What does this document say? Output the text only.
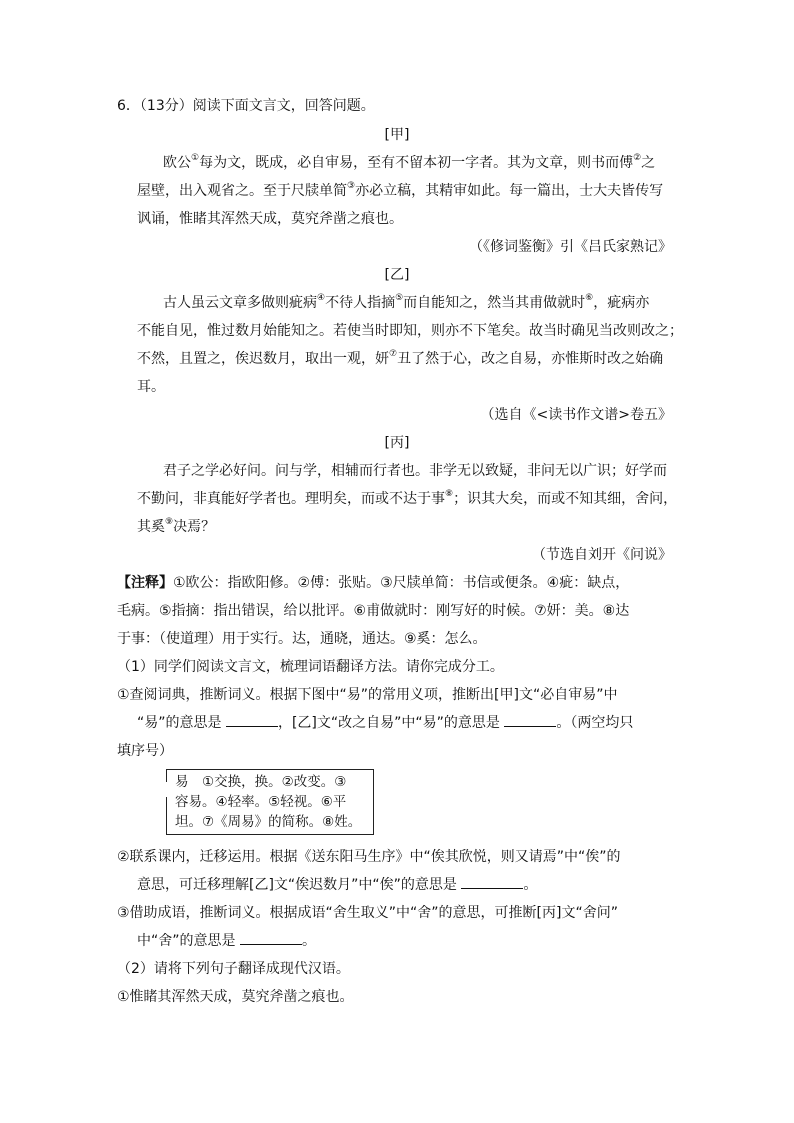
6．（13分）阅读下面文言文，回答问题。
[甲]
欧公①每为文，既成，必自审易，至有不留本初一字者。其为文章，则书而傅②之
屋壁，出入观省之。至于尺牍单简③亦必立稿，其精审如此。每一篇出，士大夫皆传写
讽诵，惟睹其浑然天成，莫究斧凿之痕也。
（《修词鉴衡》引《吕氏家熟记》
[乙]
古人虽云文章多做则疵病④不待人指摘⑤而自能知之，然当其甫做就时⑥，疵病亦
不能自见，惟过数月始能知之。若使当时即知，则亦不下笔矣。故当时确见当改则改之；
不然，且置之，俟迟数月，取出一观，妍⑦丑了然于心，改之自易，亦惟斯时改之始确
耳。
（选自《<读书作文谱>卷五》
[丙]
君子之学必好问。问与学，相辅而行者也。非学无以致疑，非问无以广识；好学而
不勤问，非真能好学者也。理明矣，而或不达于事⑧；识其大矣，而或不知其细，舍问，
其奚⑨决焉？
（节选自刘开《问说》
【注释】①欧公：指欧阳修。②傅：张贴。③尺牍单简：书信或便条。④疵：缺点，
毛病。⑤指摘：指出错误，给以批评。⑥甫做就时：刚写好的时候。⑦妍：美。⑧达
于事：（使道理）用于实行。达，通晓，通达。⑨奚：怎么。
（1）同学们阅读文言文，梳理词语翻译方法。请你完成分工。
①查阅词典，推断词义。根据下图中“易”的常用义项，推断出[甲]文“必自审易”中
“易”的意思是	，[乙]文“改之自易”中“易”的意思是	。（两空均只
填序号）
易　①交换，换。②改变。③
容易。④轻率。⑤轻视。⑥平
坦。⑦《周易》的简称。⑧姓。
②联系课内，迁移运用。根据《送东阳马生序》中“俟其欣悦，则又请焉”中“俟”的
意思，可迁移理解[乙]文“俟迟数月”中“俟”的意思是	。
③借助成语，推断词义。根据成语“舍生取义”中“舍”的意思，可推断[丙]文“舍问”
中“舍”的意思是	。
（2）请将下列句子翻译成现代汉语。
①惟睹其浑然天成，莫究斧凿之痕也。
